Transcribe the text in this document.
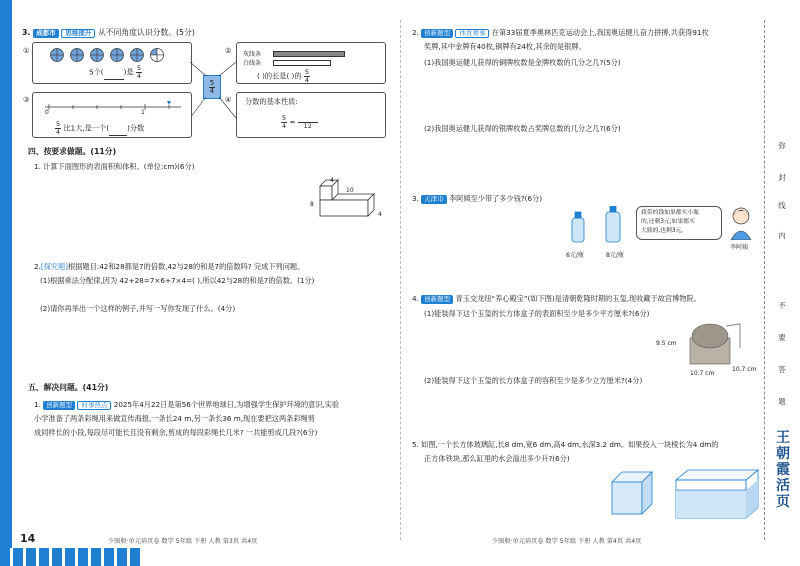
3. 成都市 思维提升 从不同角度认识分数。(5分)
①
5个(	)是 $\frac{5}{4}$
② 灰线条
白线条
( )的长是( )的 $\frac{5}{4}$
$\frac{5}{4}$
③
0	1
$\frac{5}{4}$ 比1大,是一个(	)分数
④ 分数的基本性质:
$\frac{5}{4}$ =
	12
四、按要求做题。(11分)
1. 计算下面图形的表面积和体积。(单位:cm)(6分)
4
10
8
4
2.[探究题]根据题目:42和28都是7的倍数,42与28的和是7的倍数吗? 完成下列问题。
(1)根据乘法分配律,因为 42+28=7×6+7×4=( ),所以42与28的和是7的倍数。(1分)
(2)请你再举出一个这样的例子,并写一写你发现了什么。(4分)
五、解决问题。(41分)
1. 创新题型 时事热点 2025年4月22日是第56个世界地球日,为增强学生保护环境的意识,实验
小学准备了两条彩绳用来做宣传海报,一条长24 m,另一条长36 m,现在要把这两条彩绳剪
成同样长的小段,每段尽可能长且没有剩余,剪成的每段彩绳长几米? 一共能剪成几段?(6分)
14	少图般·单元培页卷 数学 5年级 下册 人教 第3页 共4页
2. 创新题型 体育赛事 在第33届夏季奥林匹克运动会上,我国奥运健儿奋力拼搏,共获得91枚
奖牌,其中金牌有40枚,铜牌有24枚,其余的是银牌。
(1)我国奥运健儿获得的铜牌枚数是金牌枚数的几分之几?(5分)
(2)我国奥运健儿获得的银牌枚数占奖牌总数的几分之几?(6分)
3. 天津市 李阿姨至少带了多少钱?(6分)
6元/瓶	8元/瓶
我带的钱如果都买小瓶
的,还剩3元;如果都买
大瓶的,也剩3元。
李阿姨
4. 创新题型 青玉交龙纽“养心殿宝”(如下图)是清朝乾隆时期的玉玺,现收藏于故宫博物院。
(1)能装得下这个玉玺的长方体盒子的表面积至少是多少平方厘米?(6分)
9.5 cm
10.7 cm
10.7 cm
(2)能装得下这个玉玺的长方体盒子的容积至少是多少立方厘米?(4分)
5. 如图,一个长方体玻璃缸,长8 dm,宽6 dm,高4 dm,水深3.2 dm。如果投入一块棱长为4 dm的
正方体铁块,那么缸里的水会溢出多少升?(6分)
少图般·单元培页卷 数学 5年级 下册 人教 第4页 共4页
弥
封
线
内
不
要
答
题
王朝霞活页
